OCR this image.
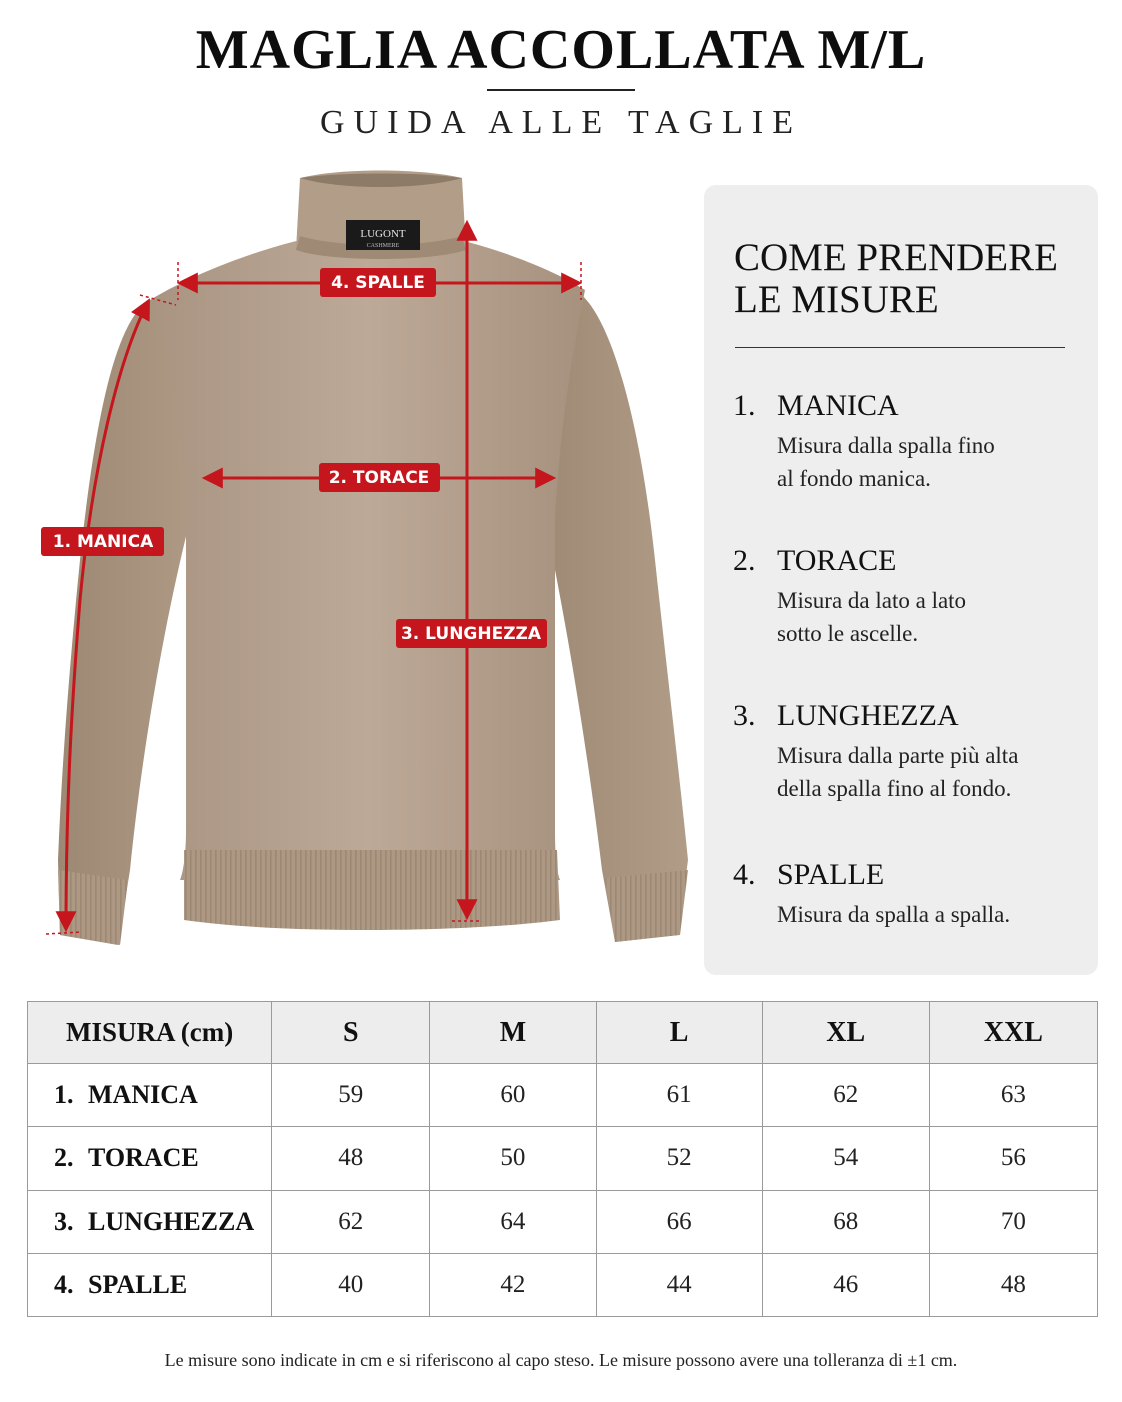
MAGLIA ACCOLLATA M/L
GUIDA ALLE TAGLIE
LUGONT
CASHMERE
4. SPALLE
3. LUNGHEZZA
2. TORACE
1. MANICA
COME PRENDERE
LE MISURE
1. MANICA
Misura dalla spalla fino
al fondo manica.
2. TORACE
Misura da lato a lato
sotto le ascelle.
3. LUNGHEZZA
Misura dalla parte più alta
della spalla fino al fondo.
4. SPALLE
Misura da spalla a spalla.
MISURA (cm)	S	M	L	XL	XXL
1. MANICA	59	60	61	62	63
2. TORACE	48	50	52	54	56
3. LUNGHEZZA	62	64	66	68	70
4. SPALLE	40	42	44	46	48
Le misure sono indicate in cm e si riferiscono al capo steso. Le misure possono avere una tolleranza di ±1 cm.
